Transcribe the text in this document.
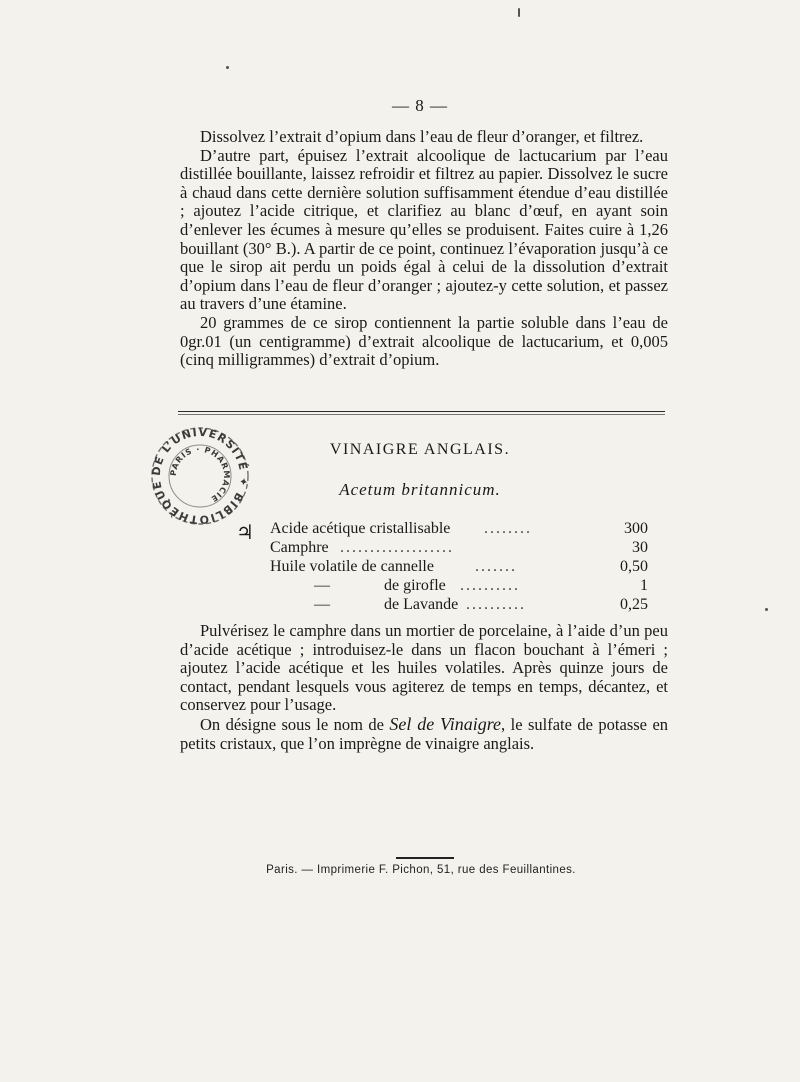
— 8 —

Dissolvez l’extrait d’opium dans l’eau de fleur d’oranger, et filtrez.

D’autre part, épuisez l’extrait alcoolique de lactucarium par l’eau distillée bouillante, laissez refroidir et filtrez au papier. Dissolvez le sucre à chaud dans cette dernière solution suffisamment étendue d’eau distillée ; ajoutez l’acide citrique, et clarifiez au blanc d’œuf, en ayant soin d’enlever les écumes à mesure qu’elles se produisent. Faites cuire à 1,26 bouillant (30° B.). A partir de ce point, continuez l’évaporation jusqu’à ce que le sirop ait perdu un poids égal à celui de la dissolution d’extrait d’opium dans l’eau de fleur d’oranger ; ajoutez-y cette solution, et passez au travers d’une étamine.

20 grammes de ce sirop contiennent la partie soluble dans l’eau de 0gr.01 (un centigramme) d’extrait alcoolique de lactucarium, et 0,005 (cinq milligrammes) d’extrait d’opium.

DE L’UNIVERSITÉ ✦ BIBLIOTHÈQUE
PARIS · PHARMACIE
VINAIGRE ANGLAIS.
Acetum britannicum.
♃ Acide acétique cristallisable ........	300
Camphre ...................	30
Huile volatile de cannelle	.......	0,50
—	de girofle ..........	1
—	de Lavande ..........	0,25

Pulvérisez le camphre dans un mortier de porcelaine, à l’aide d’un peu d’acide acétique ; introduisez-le dans un flacon bouchant à l’émeri ; ajoutez l’acide acétique et les huiles volatiles. Après quinze jours de contact, pendant lesquels vous agiterez de temps en temps, décantez, et conservez pour l’usage.

On désigne sous le nom de Sel de Vinaigre, le sulfate de potasse en petits cristaux, que l’on imprègne de vinaigre anglais.

Paris. — Imprimerie F. Pichon, 51, rue des Feuillantines.
